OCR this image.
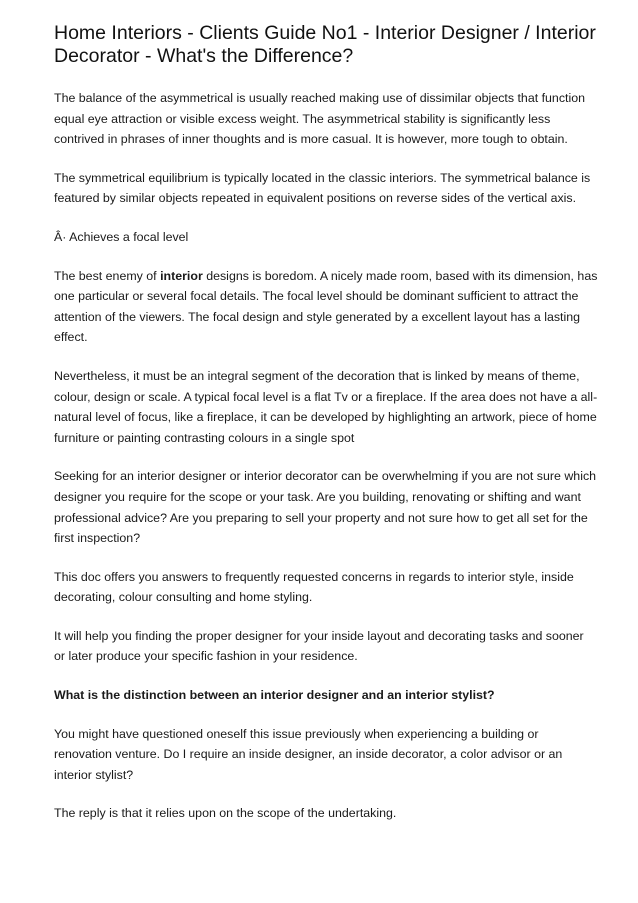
Home Interiors - Clients Guide No1 - Interior Designer / Interior Decorator - What's the Difference?

The balance of the asymmetrical is usually reached making use of dissimilar objects that function equal eye attraction or visible excess weight. The asymmetrical stability is significantly less contrived in phrases of inner thoughts and is more casual. It is however, more tough to obtain.

The symmetrical equilibrium is typically located in the classic interiors. The symmetrical balance is featured by similar objects repeated in equivalent positions on reverse sides of the vertical axis.

Â· Achieves a focal level

The best enemy of interior designs is boredom. A nicely made room, based with its dimension, has one particular or several focal details. The focal level should be dominant sufficient to attract the attention of the viewers. The focal design and style generated by a excellent layout has a lasting effect.

Nevertheless, it must be an integral segment of the decoration that is linked by means of theme, colour, design or scale. A typical focal level is a flat Tv or a fireplace. If the area does not have a all-natural level of focus, like a fireplace, it can be developed by highlighting an artwork, piece of home furniture or painting contrasting colours in a single spot

Seeking for an interior designer or interior decorator can be overwhelming if you are not sure which designer you require for the scope or your task. Are you building, renovating or shifting and want professional advice? Are you preparing to sell your property and not sure how to get all set for the first inspection?

This doc offers you answers to frequently requested concerns in regards to interior style, inside decorating, colour consulting and home styling.

It will help you finding the proper designer for your inside layout and decorating tasks and sooner or later produce your specific fashion in your residence.

What is the distinction between an interior designer and an interior stylist?

You might have questioned oneself this issue previously when experiencing a building or renovation venture. Do I require an inside designer, an inside decorator, a color advisor or an interior stylist?

The reply is that it relies upon on the scope of the undertaking.
